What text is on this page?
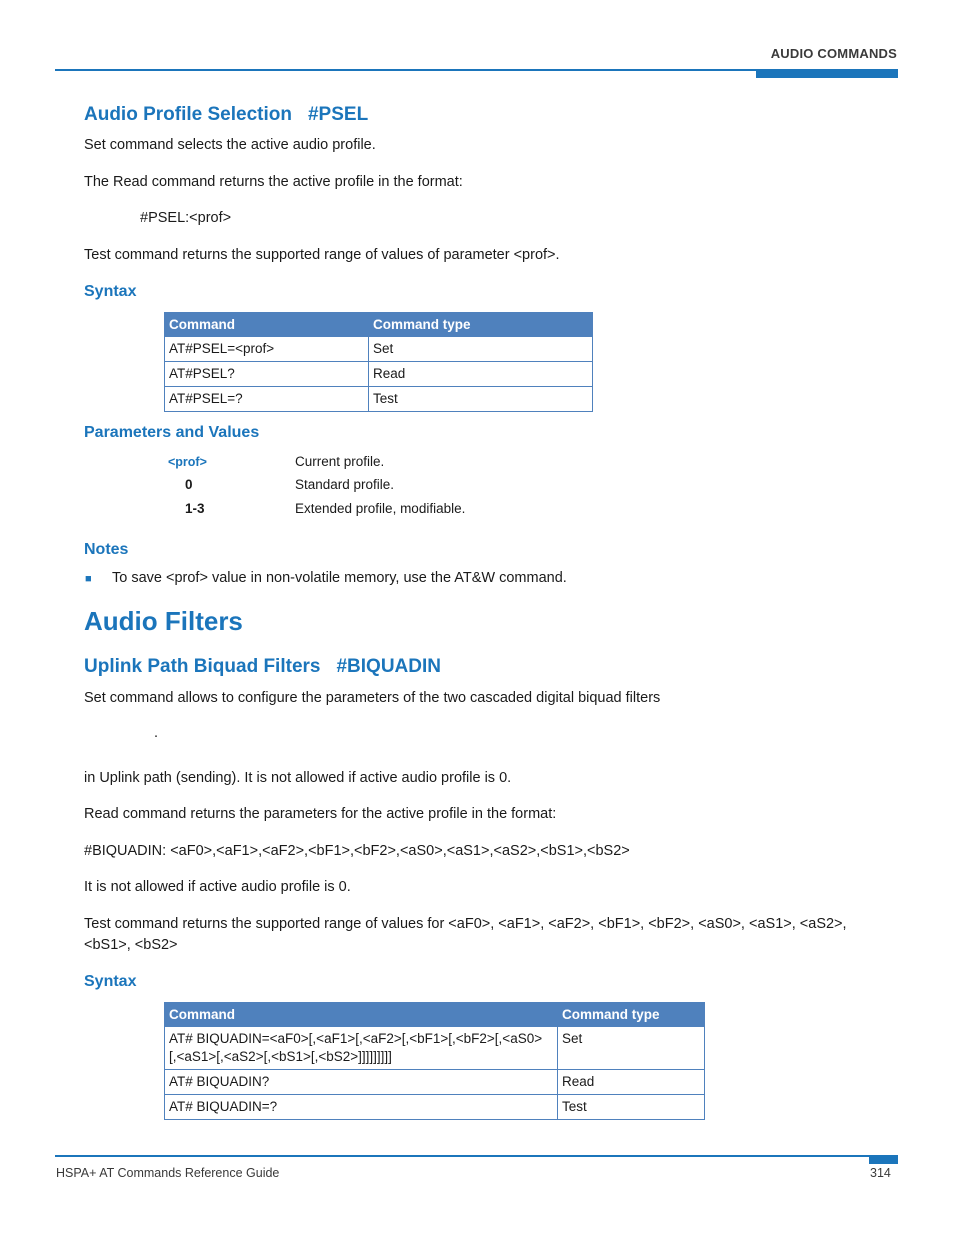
AUDIO COMMANDS
Audio Profile Selection #PSEL
Set command selects the active audio profile.
The Read command returns the active profile in the format:
#PSEL:<prof>
Test command returns the supported range of values of parameter <prof>.
Syntax
Command	Command type
AT#PSEL=<prof>	Set
AT#PSEL?	Read
AT#PSEL=?	Test
Parameters and Values
<prof>	Current profile.
0	Standard profile.
1-3	Extended profile, modifiable.
Notes
■ To save <prof> value in non-volatile memory, use the AT&W command.
Audio Filters
Uplink Path Biquad Filters #BIQUADIN
Set command allows to configure the parameters of the two cascaded digital biquad filters
.
in Uplink path (sending). It is not allowed if active audio profile is 0.
Read command returns the parameters for the active profile in the format:
#BIQUADIN: <aF0>,<aF1>,<aF2>,<bF1>,<bF2>,<aS0>,<aS1>,<aS2>,<bS1>,<bS2>
It is not allowed if active audio profile is 0.
Test command returns the supported range of values for <aF0>, <aF1>, <aF2>, <bF1>, <bF2>, <aS0>, <aS1>, <aS2>,
<bS1>, <bS2>
Syntax
Command	Command type

AT# BIQUADIN=<aF0>[,<aF1>[,<aF2>[,<bF1>[,<bF2>[,<aS0>
[,<aS1>[,<aS2>[,<bS1>[,<bS2>]]]]]]]]]	Set
AT# BIQUADIN?	Read
AT# BIQUADIN=?	Test
HSPA+ AT Commands Reference Guide	314
